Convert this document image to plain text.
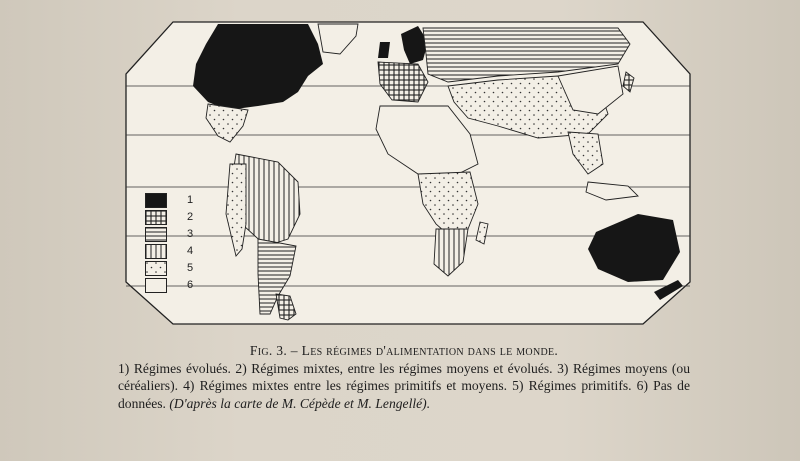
1
2
3
4
5
6
Fig. 3. – Les régimes d'alimentation dans le monde.
1) Régimes évolués. 2) Régimes mixtes, entre les régimes moyens et évolués. 3) Régimes moyens (ou céréaliers). 4) Régimes mixtes entre les régimes primitifs et moyens. 5) Régimes primitifs. 6) Pas de données. (D'après la carte de M. Cépède et M. Lengellé).
